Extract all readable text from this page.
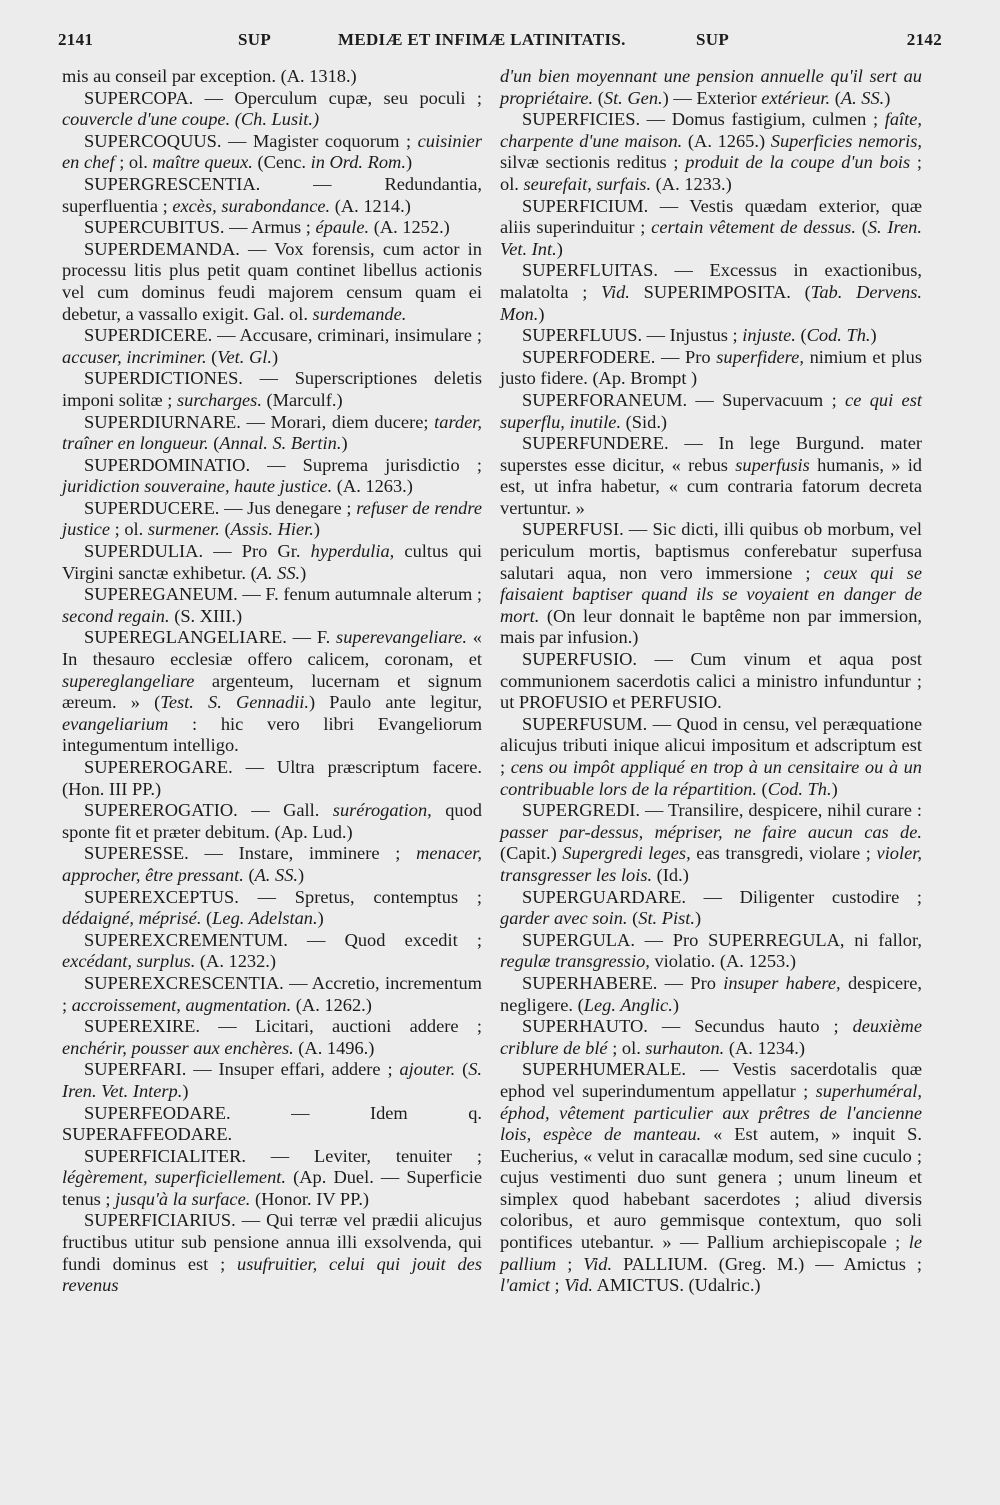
2141	SUP	MEDIÆ ET INFIMÆ LATINITATIS.	SUP	2142

mis au conseil par exception. (A. 1318.)

SUPERCOPA. — Operculum cupæ, seu poculi ; couvercle d'une coupe. (Ch. Lusit.)

SUPERCOQUUS. — Magister coquorum ; cuisinier en chef ; ol. maître queux. (Cenc. in Ord. Rom.)

SUPERGRESCENTIA. — Redundantia, superfluentia ; excès, surabondance. (A. 1214.)

SUPERCUBITUS. — Armus ; épaule. (A. 1252.)

SUPERDEMANDA. — Vox forensis, cum actor in processu litis plus petit quam continet libellus actionis vel cum dominus feudi majorem censum quam ei debetur, a vassallo exigit. Gal. ol. surdemande.

SUPERDICERE. — Accusare, criminari, insimulare ; accuser, incriminer. (Vet. Gl.)

SUPERDICTIONES. — Superscriptiones deletis imponi solitæ ; surcharges. (Marculf.)

SUPERDIURNARE. — Morari, diem ducere; tarder, traîner en longueur. (Annal. S. Bertin.)

SUPERDOMINATIO. — Suprema jurisdictio ; juridiction souveraine, haute justice. (A. 1263.)

SUPERDUCERE. — Jus denegare ; refuser de rendre justice ; ol. surmener. (Assis. Hier.)

SUPERDULIA. — Pro Gr. hyperdulia, cultus qui Virgini sanctæ exhibetur. (A. SS.)

SUPEREGANEUM. — F. fenum autumnale alterum ; second regain. (S. XIII.)

SUPEREGLANGELIARE. — F. superevangeliare. « In thesauro ecclesiæ offero calicem, coronam, et supereglangeliare argenteum, lucernam et signum æreum. » (Test. S. Gennadii.) Paulo ante legitur, evangeliarium : hic vero libri Evangeliorum integumentum intelligo.

SUPEREROGARE. — Ultra præscriptum facere. (Hon. III PP.)

SUPEREROGATIO. — Gall. surérogation, quod sponte fit et præter debitum. (Ap. Lud.)

SUPERESSE. — Instare, imminere ; menacer, approcher, être pressant. (A. SS.)

SUPEREXCEPTUS. — Spretus, contemptus ; dédaigné, méprisé. (Leg. Adelstan.)

SUPEREXCREMENTUM. — Quod excedit ; excédant, surplus. (A. 1232.)

SUPEREXCRESCENTIA. — Accretio, incrementum ; accroissement, augmentation. (A. 1262.)

SUPEREXIRE. — Licitari, auctioni addere ; enchérir, pousser aux enchères. (A. 1496.)

SUPERFARI. — Insuper effari, addere ; ajouter. (S. Iren. Vet. Interp.)

SUPERFEODARE. — Idem q. SUPERAFFEODARE.

SUPERFICIALITER. — Leviter, tenuiter ; légèrement, superficiellement. (Ap. Duel. — Superficie tenus ; jusqu'à la surface. (Honor. IV PP.)

SUPERFICIARIUS. — Qui terræ vel prædii alicujus fructibus utitur sub pensione annua illi exsolvenda, qui fundi dominus est ; usufruitier, celui qui jouit des revenus

d'un bien moyennant une pension annuelle qu'il sert au propriétaire. (St. Gen.) — Exterior extérieur. (A. SS.)

SUPERFICIES. — Domus fastigium, culmen ; faîte, charpente d'une maison. (A. 1265.) Superficies nemoris, silvæ sectionis reditus ; produit de la coupe d'un bois ; ol. seurefait, surfais. (A. 1233.)

SUPERFICIUM. — Vestis quædam exterior, quæ aliis superinduitur ; certain vêtement de dessus. (S. Iren. Vet. Int.)

SUPERFLUITAS. — Excessus in exactionibus, malatolta ; Vid. SUPERIMPOSITA. (Tab. Dervens. Mon.)

SUPERFLUUS. — Injustus ; injuste. (Cod. Th.)

SUPERFODERE. — Pro superfidere, nimium et plus justo fidere. (Ap. Brompt )

SUPERFORANEUM. — Supervacuum ; ce qui est superflu, inutile. (Sid.)

SUPERFUNDERE. — In lege Burgund. mater superstes esse dicitur, « rebus superfusis humanis, » id est, ut infra habetur, « cum contraria fatorum decreta vertuntur. »

SUPERFUSI. — Sic dicti, illi quibus ob morbum, vel periculum mortis, baptismus conferebatur superfusa salutari aqua, non vero immersione ; ceux qui se faisaient baptiser quand ils se voyaient en danger de mort. (On leur donnait le baptême non par immersion, mais par infusion.)

SUPERFUSIO. — Cum vinum et aqua post communionem sacerdotis calici a ministro infunduntur ; ut PROFUSIO et PERFUSIO.

SUPERFUSUM. — Quod in censu, vel peræquatione alicujus tributi inique alicui impositum et adscriptum est ; cens ou impôt appliqué en trop à un censitaire ou à un contribuable lors de la répartition. (Cod. Th.)

SUPERGREDI. — Transilire, despicere, nihil curare : passer par-dessus, mépriser, ne faire aucun cas de. (Capit.) Supergredi leges, eas transgredi, violare ; violer, transgresser les lois. (Id.)

SUPERGUARDARE. — Diligenter custodire ; garder avec soin. (St. Pist.)

SUPERGULA. — Pro SUPERREGULA, ni fallor, regulæ transgressio, violatio. (A. 1253.)

SUPERHABERE. — Pro insuper habere, despicere, negligere. (Leg. Anglic.)

SUPERHAUTO. — Secundus hauto ; deuxième criblure de blé ; ol. surhauton. (A. 1234.)

SUPERHUMERALE. — Vestis sacerdotalis quæ ephod vel superindumentum appellatur ; superhuméral, éphod, vêtement particulier aux prêtres de l'ancienne lois, espèce de manteau. « Est autem, » inquit S. Eucherius, « velut in caracallæ modum, sed sine cuculo ; cujus vestimenti duo sunt genera ; unum lineum et simplex quod habebant sacerdotes ; aliud diversis coloribus, et auro gemmisque contextum, quo soli pontifices utebantur. » — Pallium archiepiscopale ; le pallium ; Vid. PALLIUM. (Greg. M.) — Amictus ; l'amict ; Vid. AMICTUS. (Udalric.)
